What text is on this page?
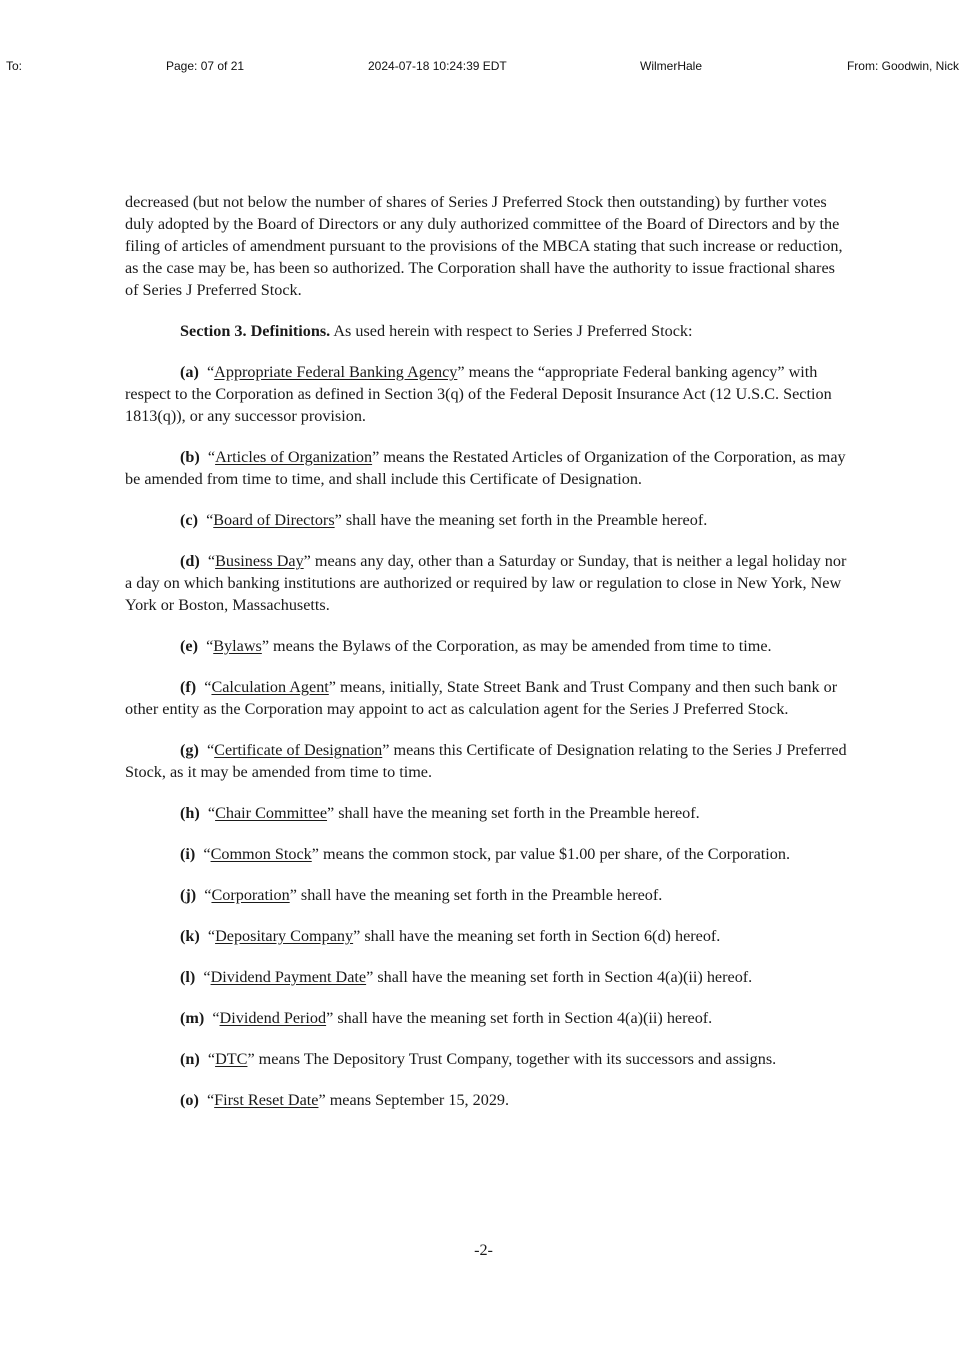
To:	Page: 07 of 21	2024-07-18 10:24:39 EDT	WilmerHale	From: Goodwin, Nick

decreased (but not below the number of shares of Series J Preferred Stock then outstanding) by further votes duly adopted by the Board of Directors or any duly authorized committee of the Board of Directors and by the filing of articles of amendment pursuant to the provisions of the MBCA stating that such increase or reduction, as the case may be, has been so authorized. The Corporation shall have the authority to issue fractional shares of Series J Preferred Stock.

Section 3. Definitions. As used herein with respect to Series J Preferred Stock:

(a)  “Appropriate Federal Banking Agency” means the “appropriate Federal banking agency” with respect to the Corporation as defined in Section 3(q) of the Federal Deposit Insurance Act (12 U.S.C. Section 1813(q)), or any successor provision.

(b)  “Articles of Organization” means the Restated Articles of Organization of the Corporation, as may be amended from time to time, and shall include this Certificate of Designation.

(c)  “Board of Directors” shall have the meaning set forth in the Preamble hereof.

(d)  “Business Day” means any day, other than a Saturday or Sunday, that is neither a legal holiday nor a day on which banking institutions are authorized or required by law or regulation to close in New York, New York or Boston, Massachusetts.

(e)  “Bylaws” means the Bylaws of the Corporation, as may be amended from time to time.

(f)  “Calculation Agent” means, initially, State Street Bank and Trust Company and then such bank or other entity as the Corporation may appoint to act as calculation agent for the Series J Preferred Stock.

(g)  “Certificate of Designation” means this Certificate of Designation relating to the Series J Preferred Stock, as it may be amended from time to time.

(h)  “Chair Committee” shall have the meaning set forth in the Preamble hereof.

(i)  “Common Stock” means the common stock, par value $1.00 per share, of the Corporation.

(j)  “Corporation” shall have the meaning set forth in the Preamble hereof.

(k)  “Depositary Company” shall have the meaning set forth in Section 6(d) hereof.

(l)  “Dividend Payment Date” shall have the meaning set forth in Section 4(a)(ii) hereof.

(m)  “Dividend Period” shall have the meaning set forth in Section 4(a)(ii) hereof.

(n)  “DTC” means The Depository Trust Company, together with its successors and assigns.

(o)  “First Reset Date” means September 15, 2029.

-2-
